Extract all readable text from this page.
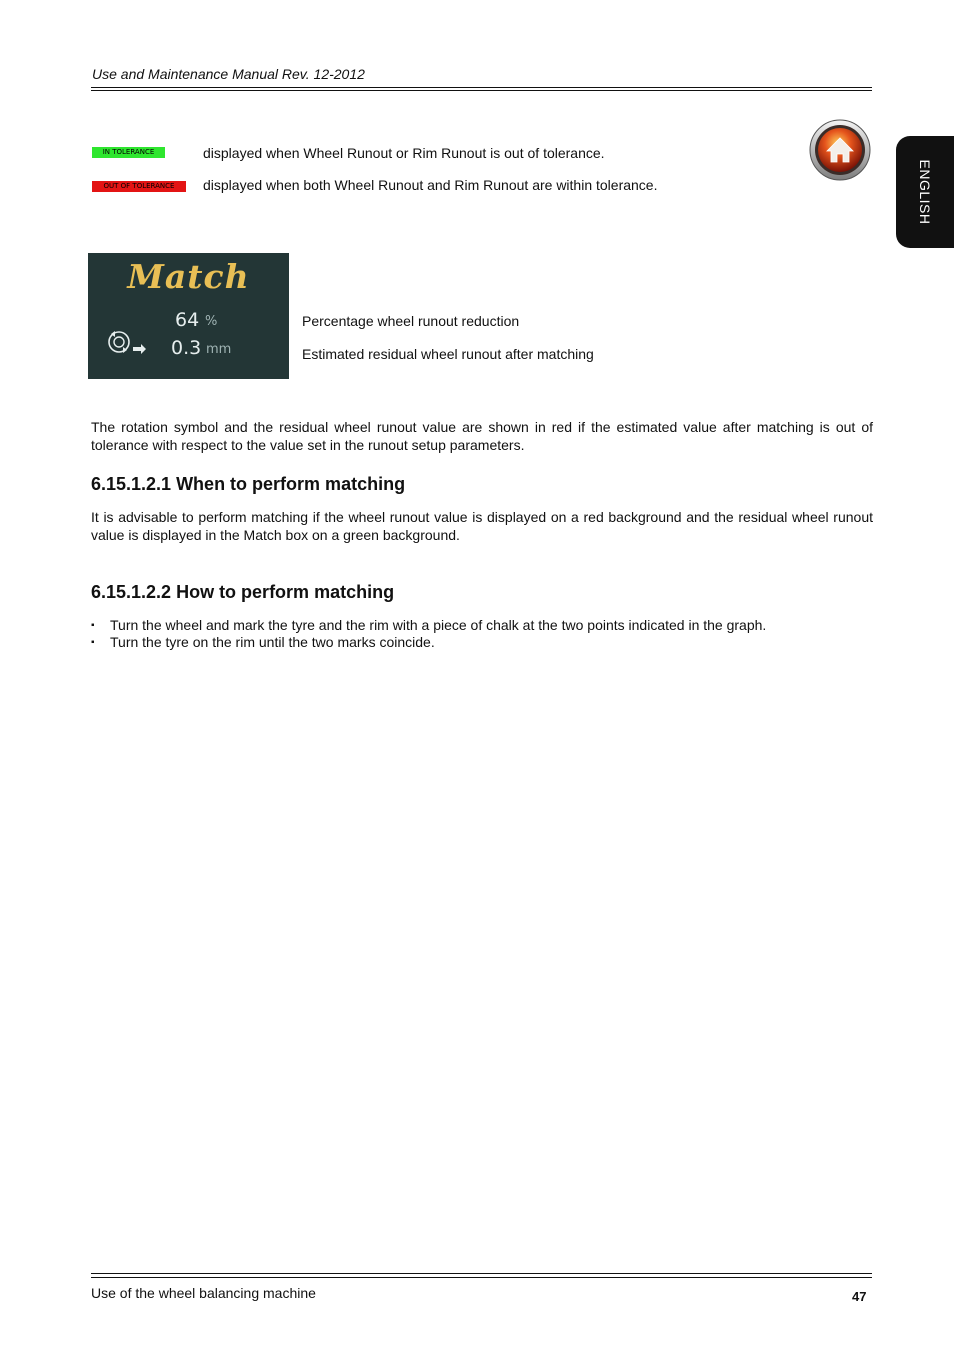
Use and Maintenance Manual Rev. 12-2012
ENGLISH
IN TOLERANCE	displayed when Wheel Runout or Rim Runout is out of tolerance.
OUT OF TOLERANCE	displayed when both Wheel Runout and Rim Runout are within tolerance.
Match
64 %
0.3 mm
Percentage wheel runout reduction
Estimated residual wheel runout after matching
The rotation symbol and the residual wheel runout value are shown in red if the estimated value after matching is out of tolerance with respect to the value set in the runout setup parameters.
6.15.1.2.1 When to perform matching
It is advisable to perform matching if the wheel runout value is displayed on a red background and the residual wheel runout value is displayed in the Match box on a green background.
6.15.1.2.2 How to perform matching
▪ Turn the wheel and mark the tyre and the rim with a piece of chalk at the two points indicated in the graph.
▪ Turn the tyre on the rim until the two marks coincide.
Use of the wheel balancing machine	47
